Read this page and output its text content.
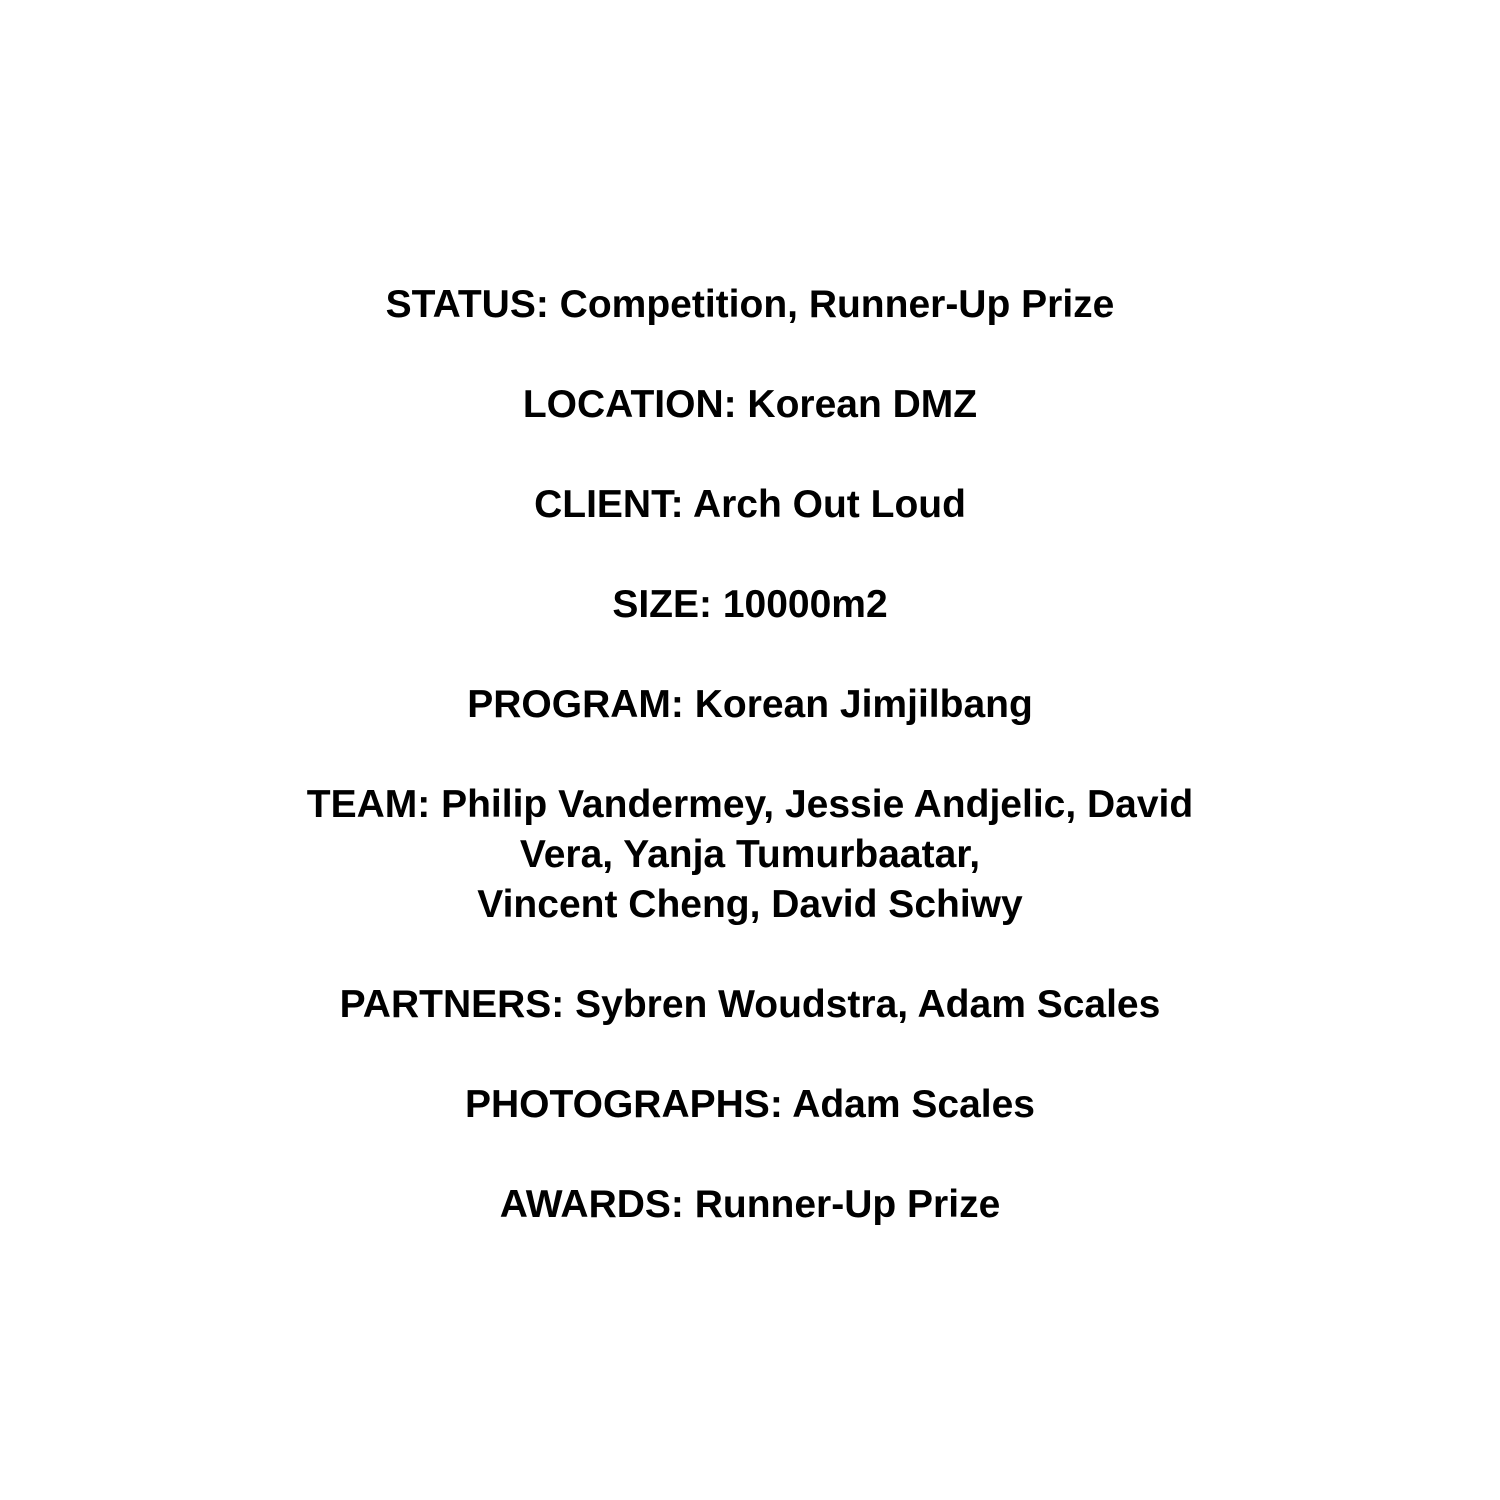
STATUS: Competition, Runner-Up Prize
LOCATION: Korean DMZ
CLIENT: Arch Out Loud
SIZE: 10000m2
PROGRAM: Korean Jimjilbang
TEAM: Philip Vandermey, Jessie Andjelic, David
Vera, Yanja Tumurbaatar,
Vincent Cheng, David Schiwy
PARTNERS: Sybren Woudstra, Adam Scales
PHOTOGRAPHS: Adam Scales
AWARDS: Runner-Up Prize
